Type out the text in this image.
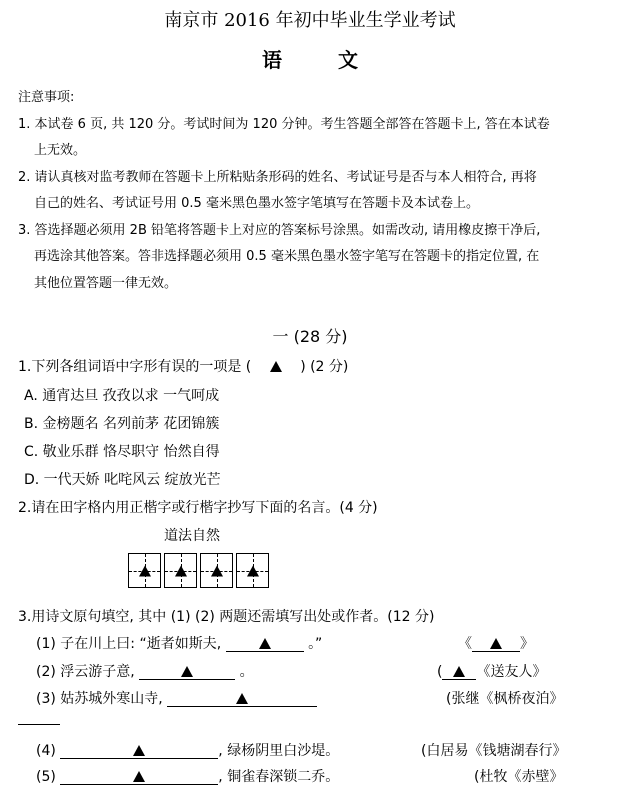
南京市 2016 年初中毕业生学业考试
语文
注意事项:
1. 本试卷 6 页, 共 120 分。考试时间为 120 分钟。考生答题全部答在答题卡上, 答在本试卷
上无效。
2. 请认真核对监考教师在答题卡上所粘贴条形码的姓名、考试证号是否与本人相符合, 再将
自己的姓名、考试证号用 0.5 毫米黑色墨水签字笔填写在答题卡及本试卷上。
3. 答选择题必须用 2B 铅笔将答题卡上对应的答案标号涂黑。如需改动, 请用橡皮擦干净后,
再选涂其他答案。答非选择题必须用 0.5 毫米黑色墨水签字笔写在答题卡的指定位置, 在
其他位置答题一律无效。
一 (28 分)
1.下列各组词语中字形有误的一项是 (	) (2 分)
A. 通宵达旦 孜孜以求 一气呵成
B. 金榜题名 名列前茅 花团锦簇
C. 敬业乐群 恪尽职守 怡然自得
D. 一代天娇 叱咤风云 绽放光芒
2.请在田字格内用正楷字或行楷字抄写下面的名言。(4 分)
道法自然
3.用诗文原句填空, 其中 (1) (2) 两题还需填写出处或作者。(12 分)
(1) 子在川上曰: “逝者如斯夫,	。”	《	》
(2) 浮云游子意,	。	( 《送友人》
(3) 姑苏城外寒山寺,	(张继《枫桥夜泊》
(4)	, 绿杨阴里白沙堤。	(白居易《钱塘湖春行》
(5)	, 铜雀春深锁二乔。	(杜牧《赤壁》
